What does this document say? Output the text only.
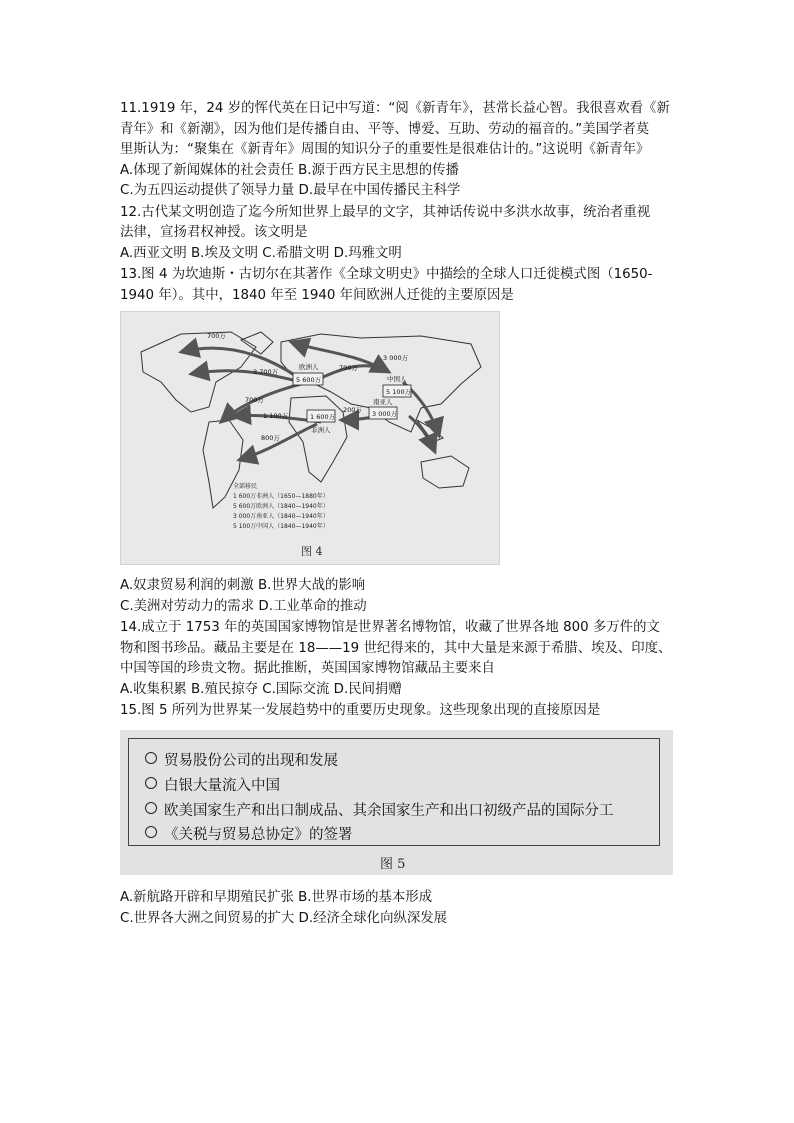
11.1919 年，24 岁的恽代英在日记中写道：“阅《新青年》，甚常长益心智。我很喜欢看《新
青年》和《新潮》，因为他们是传播自由、平等、博爱、互助、劳动的福音的。”美国学者莫
里斯认为：“聚集在《新青年》周围的知识分子的重要性是很难估计的。”这说明《新青年》
A.体现了新闻媒体的社会责任 B.源于西方民主思想的传播
C.为五四运动提供了领导力量 D.最早在中国传播民主科学
12.古代某文明创造了迄今所知世界上最早的文字，其神话传说中多洪水故事，统治者重视
法律，宣扬君权神授。该文明是
A.西亚文明 B.埃及文明 C.希腊文明 D.玛雅文明
13.图 4 为坎迪斯・古切尔在其著作《全球文明史》中描绘的全球人口迁徙模式图（1650-
1940 年）。其中，1840 年至 1940 年间欧洲人迁徙的主要原因是
5 600万
欧洲人
1 600万
非洲人
5 100万
中国人
3 000万
南亚人
700万
3 700万
700万
700万
1 100万
800万
200万
3 000万
全部移民
1 600万非洲人（1650—1880年）
5 600万欧洲人（1840—1940年）
3 000万南亚人（1840—1940年）
5 100万中国人（1840—1940年）
图 4
A.奴隶贸易利润的刺激 B.世界大战的影响
C.美洲对劳动力的需求 D.工业革命的推动
14.成立于 1753 年的英国国家博物馆是世界著名博物馆，收藏了世界各地 800 多万件的文
物和图书珍品。藏品主要是在 18——19 世纪得来的，其中大量是来源于希腊、埃及、印度、
中国等国的珍贵文物。据此推断，英国国家博物馆藏品主要来自
A.收集积累 B.殖民掠夺 C.国际交流 D.民间捐赠
15.图 5 所列为世界某一发展趋势中的重要历史现象。这些现象出现的直接原因是
贸易股份公司的出现和发展
白银大量流入中国
欧美国家生产和出口制成品、其余国家生产和出口初级产品的国际分工
《关税与贸易总协定》的签署
图 5
A.新航路开辟和早期殖民扩张 B.世界市场的基本形成
C.世界各大洲之间贸易的扩大 D.经济全球化向纵深发展
